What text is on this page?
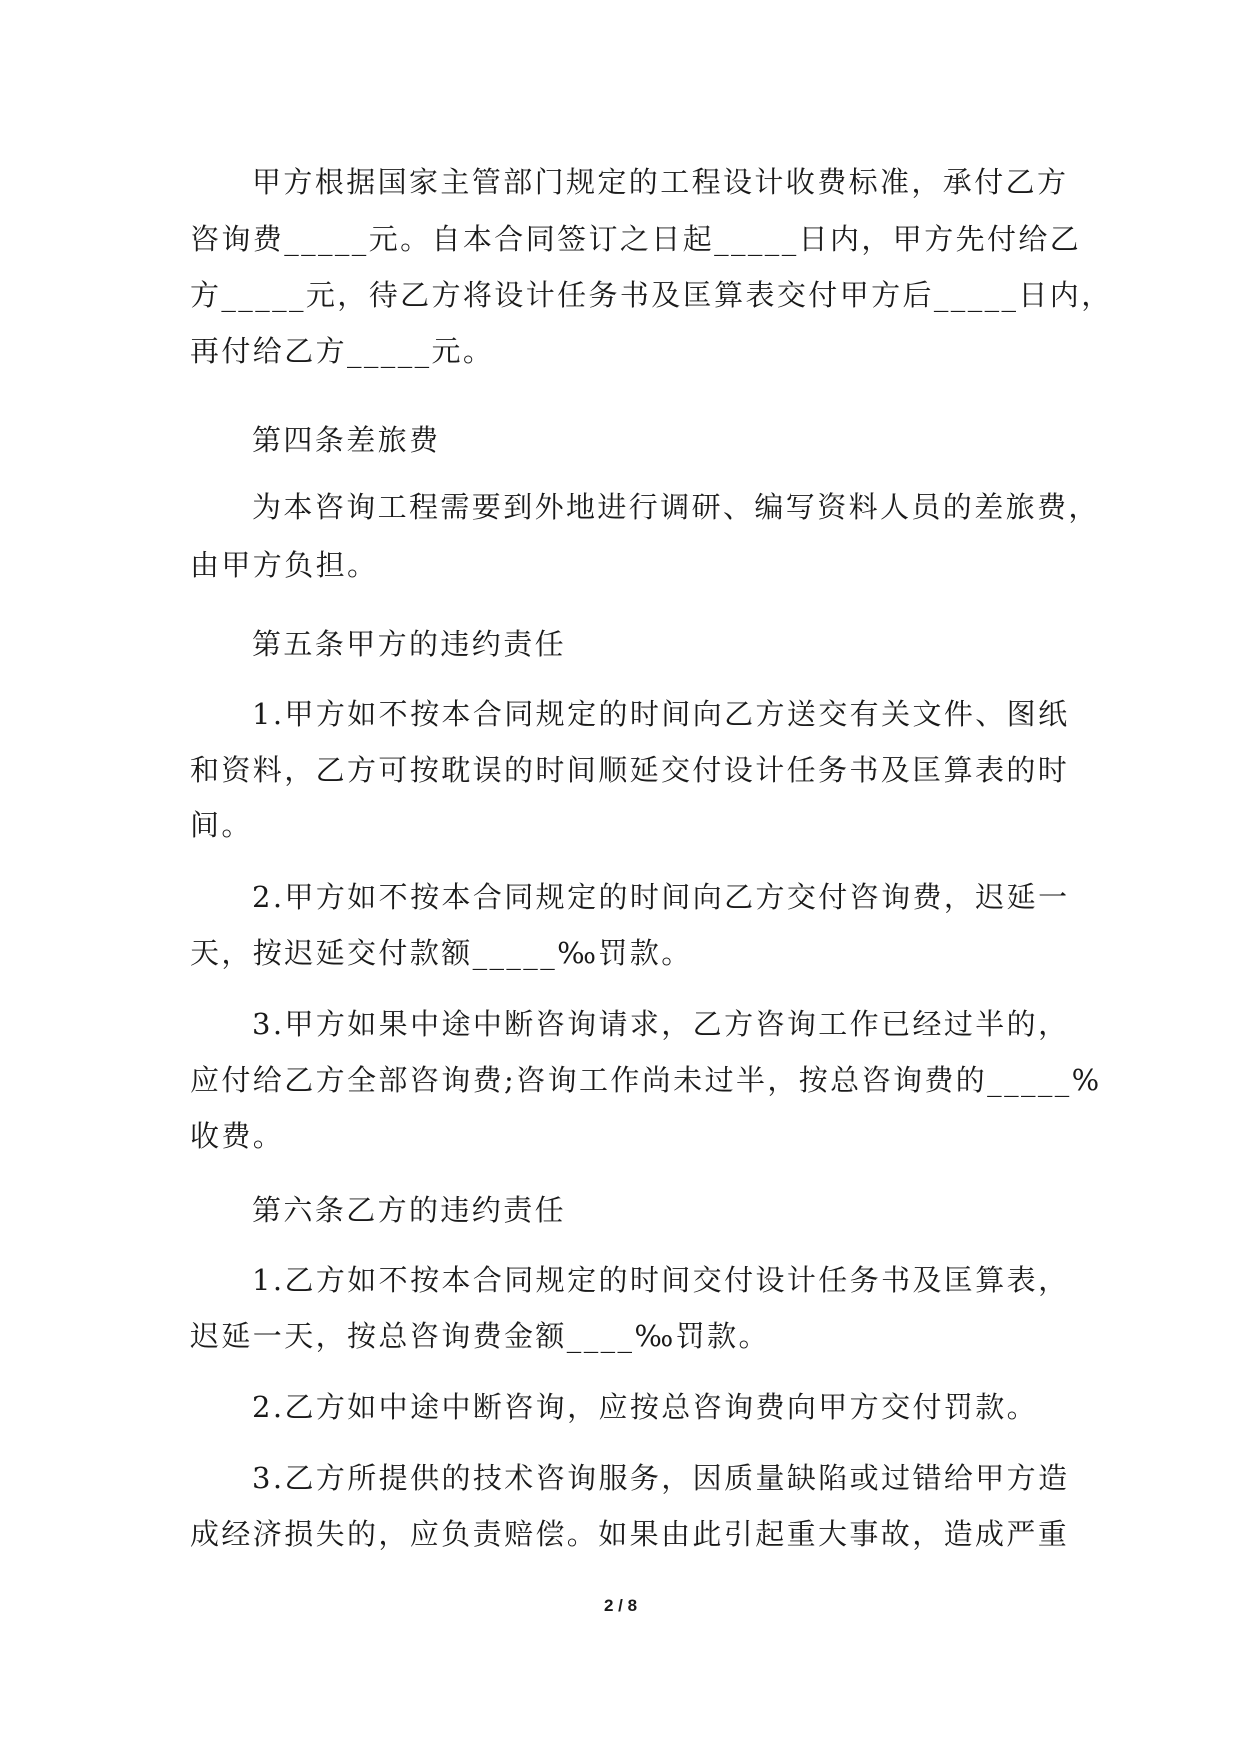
甲方根据国家主管部门规定的工程设计收费标准，承付乙方
咨询费_____元。自本合同签订之日起_____日内，甲方先付给乙
方_____元，待乙方将设计任务书及匡算表交付甲方后_____日内，
再付给乙方_____元。
第四条差旅费
为本咨询工程需要到外地进行调研、编写资料人员的差旅费，
由甲方负担。
第五条甲方的违约责任
1.甲方如不按本合同规定的时间向乙方送交有关文件、图纸
和资料，乙方可按耽误的时间顺延交付设计任务书及匡算表的时
间。
2.甲方如不按本合同规定的时间向乙方交付咨询费，迟延一
天，按迟延交付款额_____‰罚款。
3.甲方如果中途中断咨询请求，乙方咨询工作已经过半的，
应付给乙方全部咨询费;咨询工作尚未过半，按总咨询费的_____%
收费。
第六条乙方的违约责任
1.乙方如不按本合同规定的时间交付设计任务书及匡算表，
迟延一天，按总咨询费金额____‰罚款。
2.乙方如中途中断咨询，应按总咨询费向甲方交付罚款。
3.乙方所提供的技术咨询服务，因质量缺陷或过错给甲方造
成经济损失的，应负责赔偿。如果由此引起重大事故，造成严重
2 / 8
